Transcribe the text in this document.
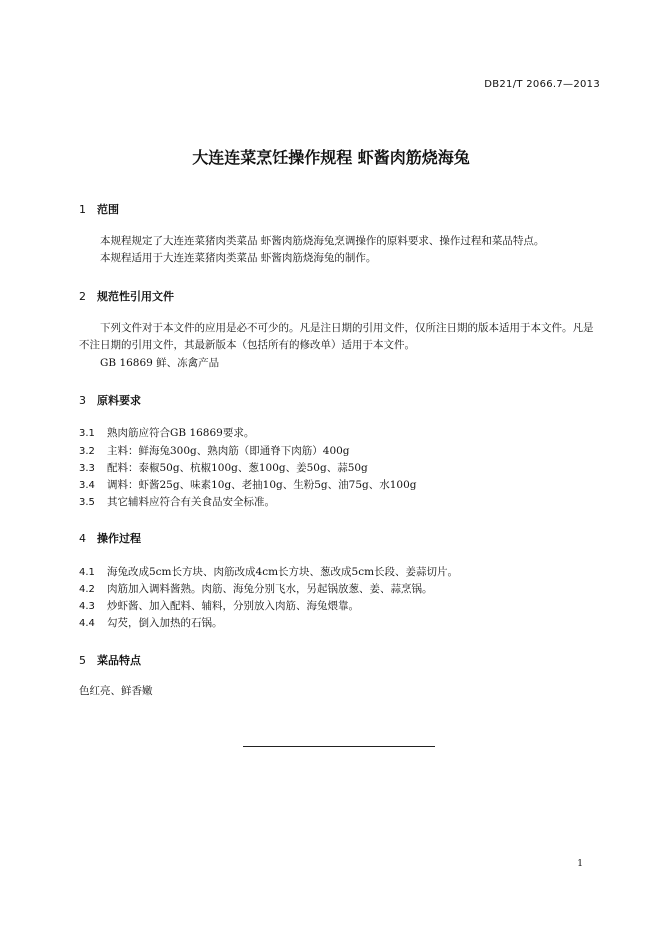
DB21/T 2066.7—2013
大连连菜烹饪操作规程 虾酱肉筋烧海兔
1 范围
本规程规定了大连连菜猪肉类菜品 虾酱肉筋烧海兔烹调操作的原料要求、操作过程和菜品特点。
本规程适用于大连连菜猪肉类菜品 虾酱肉筋烧海兔的制作。
2 规范性引用文件
下列文件对于本文件的应用是必不可少的。凡是注日期的引用文件，仅所注日期的版本适用于本文件。凡是不注日期的引用文件，其最新版本（包括所有的修改单）适用于本文件。
GB 16869 鲜、冻禽产品
3 原料要求
3.1 熟肉筋应符合GB 16869要求。
3.2 主料：鲜海兔300g、熟肉筋（即通脊下肉筋）400g
3.3 配料：泰椒50g、杭椒100g、葱100g、姜50g、蒜50g
3.4 调料：虾酱25g、味素10g、老抽10g、生粉5g、油75g、水100g
3.5 其它辅料应符合有关食品安全标准。
4 操作过程
4.1 海兔改成5cm长方块、肉筋改成4cm长方块、葱改成5cm长段、姜蒜切片。
4.2 肉筋加入调料酱熟。肉筋、海兔分别飞水，另起锅放葱、姜、蒜烹锅。
4.3 炒虾酱、加入配料、辅料，分别放入肉筋、海兔煨靠。
4.4 勾芡，倒入加热的石锅。
5 菜品特点
色红亮、鲜香嫩
1
